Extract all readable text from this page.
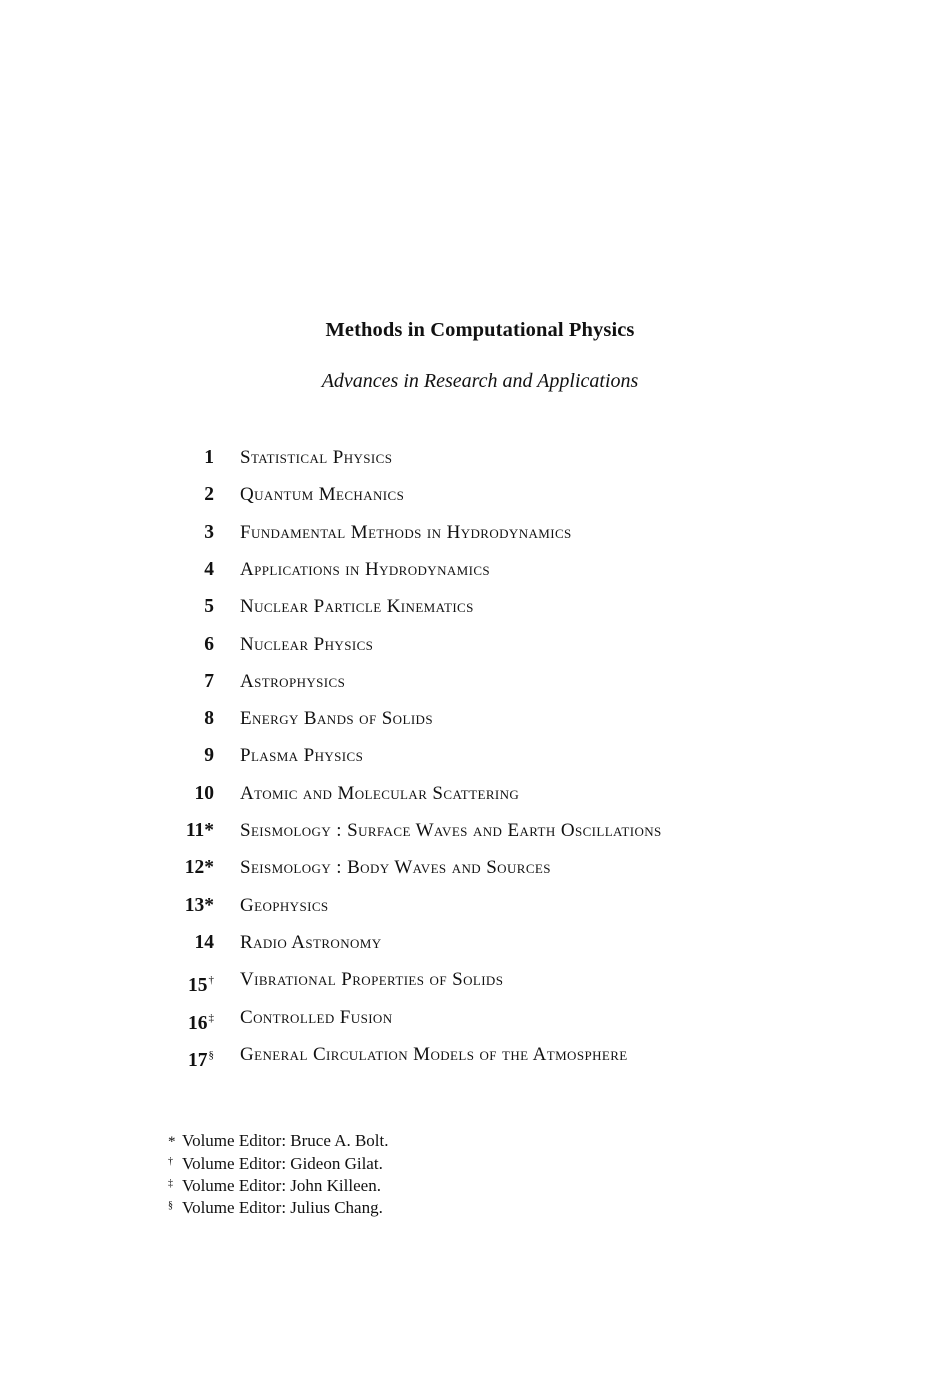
Methods in Computational Physics
Advances in Research and Applications
1 Statistical Physics
2 Quantum Mechanics
3 Fundamental Methods in Hydrodynamics
4 Applications in Hydrodynamics
5 Nuclear Particle Kinematics
6 Nuclear Physics
7 Astrophysics
8 Energy Bands of Solids
9 Plasma Physics
10 Atomic and Molecular Scattering
11* Seismology : Surface Waves and Earth Oscillations
12* Seismology : Body Waves and Sources
13* Geophysics
14 Radio Astronomy
15† Vibrational Properties of Solids
16‡ Controlled Fusion
17§ General Circulation Models of the Atmosphere
* Volume Editor: Bruce A. Bolt.
† Volume Editor: Gideon Gilat.
‡ Volume Editor: John Killeen.
§ Volume Editor: Julius Chang.
